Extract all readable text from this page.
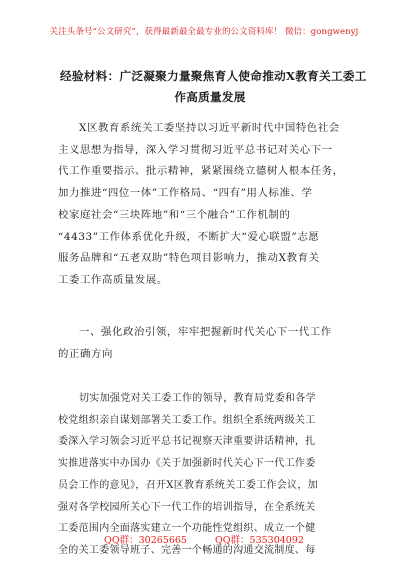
关注头条号“公文研究”，获得最新最全最专业的公文资料库！ 微信：gongwenyj
经验材料：广泛凝聚力量聚焦育人使命推动X教育关工委工
作高质量发展
X区教育系统关工委坚持以习近平新时代中国特色社会
主义思想为指导，深入学习贯彻习近平总书记对关心下一
代工作重要指示、批示精神，紧紧围绕立德树人根本任务，
加力推进“四位一体”工作格局、“四有”用人标准、学
校家庭社会“三块阵地”和“三个融合”工作机制的
“4433”工作体系优化升级，不断扩大“爱心联盟”志愿
服务品牌和“五老双助”特色项目影响力，推动X教育关
工委工作高质量发展。
一、强化政治引领，牢牢把握新时代关心下一代工作
的正确方向
切实加强党对关工委工作的领导，教育局党委和各学
校党组织亲自谋划部署关工委工作。组织全系统两级关工
委深入学习领会习近平总书记视察天津重要讲话精神，扎
实推进落实中办国办《关于加强新时代关心下一代工作委
员会工作的意见》，召开X区教育系统关工委工作会议，加
强对各学校园所关心下一代工作的培训指导，在全系统关
工委范围内全面落实建立一个功能性党组织、成立一个健
全的关工委领导班子、完善一个畅通的沟通交流制度、每
QQ群：30265665	QQ群：535304092
